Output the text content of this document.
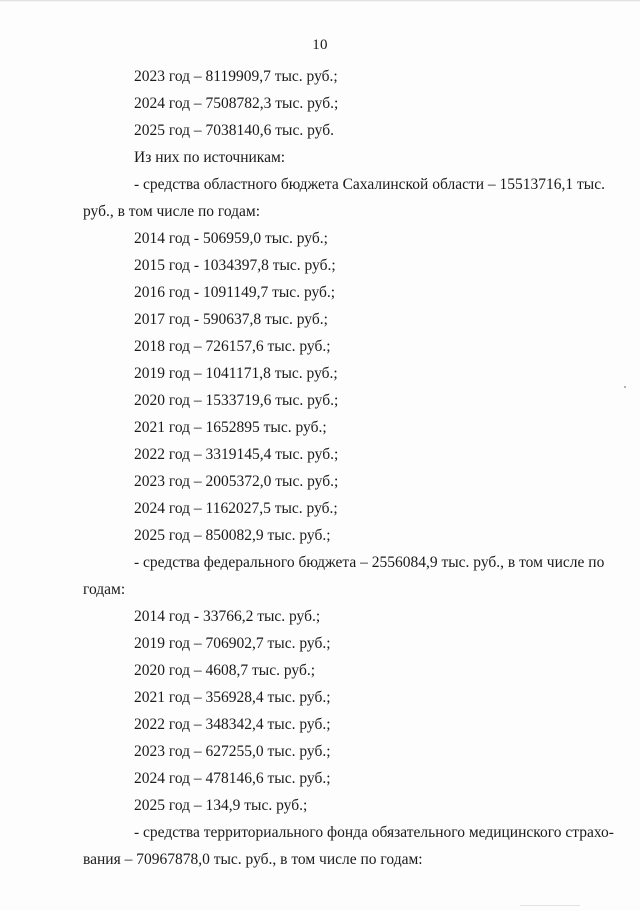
10
2023 год – 8119909,7 тыс. руб.;
2024 год – 7508782,3 тыс. руб.;
2025 год – 7038140,6 тыс. руб.
Из них по источникам:
- средства областного бюджета Сахалинской области – 15513716,1 тыс.
руб., в том числе по годам:
2014 год - 506959,0 тыс. руб.;
2015 год - 1034397,8 тыс. руб.;
2016 год - 1091149,7 тыс. руб.;
2017 год - 590637,8 тыс. руб.;
2018 год – 726157,6 тыс. руб.;
2019 год – 1041171,8 тыс. руб.;
2020 год – 1533719,6 тыс. руб.;
2021 год – 1652895 тыс. руб.;
2022 год – 3319145,4 тыс. руб.;
2023 год – 2005372,0 тыс. руб.;
2024 год – 1162027,5 тыс. руб.;
2025 год – 850082,9 тыс. руб.;
- средства федерального бюджета – 2556084,9 тыс. руб., в том числе по
годам:
2014 год - 33766,2 тыс. руб.;
2019 год – 706902,7 тыс. руб.;
2020 год – 4608,7 тыс. руб.;
2021 год – 356928,4 тыс. руб.;
2022 год – 348342,4 тыс. руб.;
2023 год – 627255,0 тыс. руб.;
2024 год – 478146,6 тыс. руб.;
2025 год – 134,9 тыс. руб.;
- средства территориального фонда обязательного медицинского страхо-
вания – 70967878,0 тыс. руб., в том числе по годам:
